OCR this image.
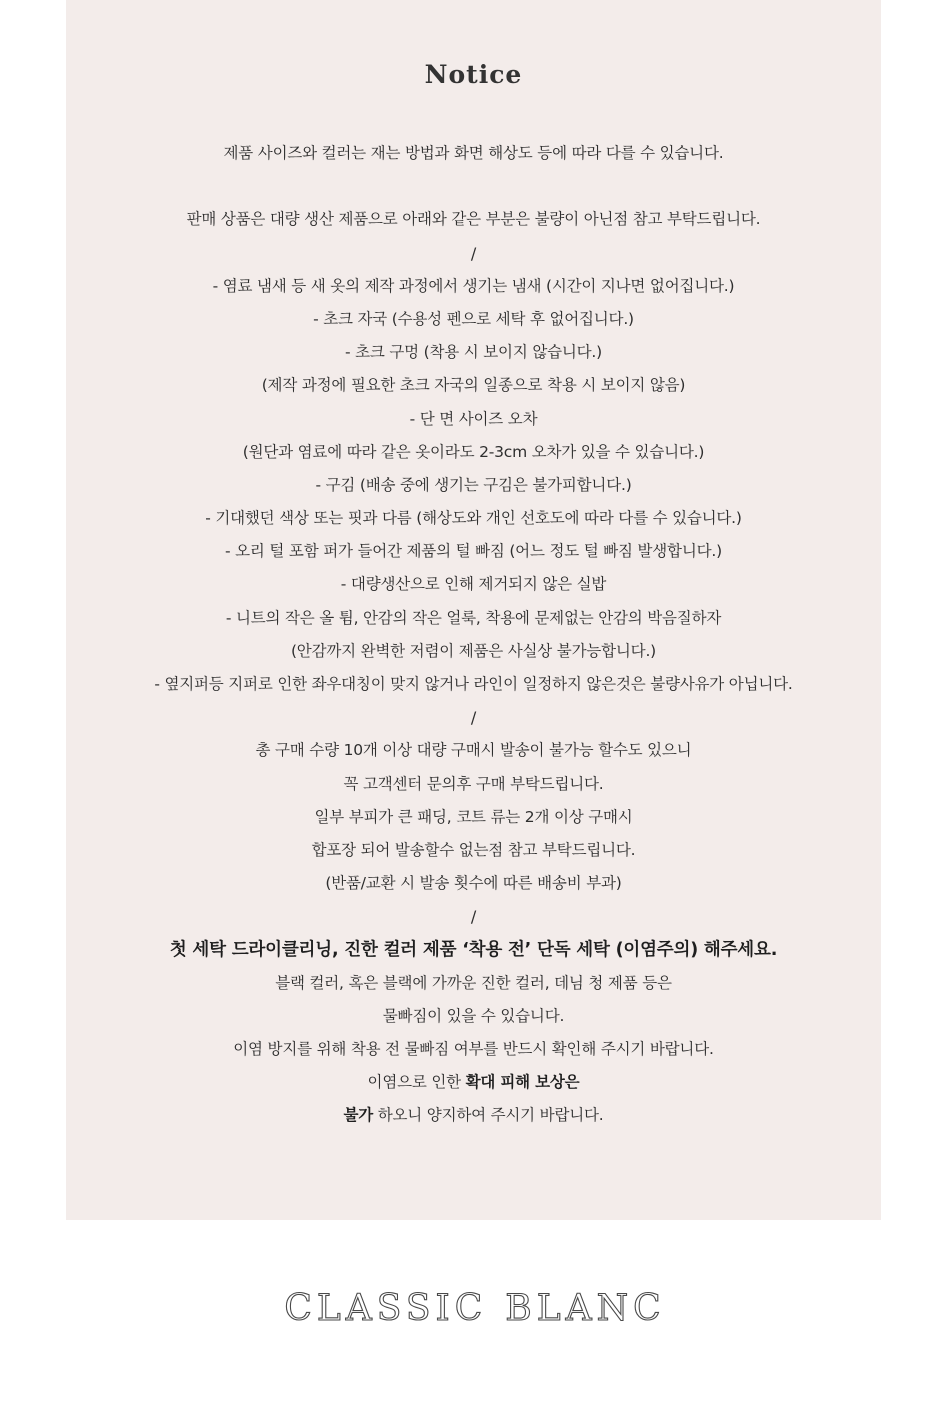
Notice
제품 사이즈와 컬러는 재는 방법과 화면 해상도 등에 따라 다를 수 있습니다.
판매 상품은 대량 생산 제품으로 아래와 같은 부분은 불량이 아닌점 참고 부탁드립니다.
/
- 염료 냄새 등 새 옷의 제작 과정에서 생기는 냄새 (시간이 지나면 없어집니다.)
- 초크 자국 (수용성 펜으로 세탁 후 없어집니다.)
- 초크 구멍 (착용 시 보이지 않습니다.)
(제작 과정에 필요한 초크 자국의 일종으로 착용 시 보이지 않음)
- 단 면 사이즈 오차
(원단과 염료에 따라 같은 옷이라도 2-3cm 오차가 있을 수 있습니다.)
- 구김 (배송 중에 생기는 구김은 불가피합니다.)
- 기대했던 색상 또는 핏과 다름 (해상도와 개인 선호도에 따라 다를 수 있습니다.)
- 오리 털 포함 퍼가 들어간 제품의 털 빠짐 (어느 정도 털 빠짐 발생합니다.)
- 대량생산으로 인해 제거되지 않은 실밥
- 니트의 작은 올 튐, 안감의 작은 얼룩, 착용에 문제없는 안감의 박음질하자
(안감까지 완벽한 저렴이 제품은 사실상 불가능합니다.)
- 옆지퍼등 지퍼로 인한 좌우대칭이 맞지 않거나 라인이 일정하지 않은것은 불량사유가 아닙니다.
/
총 구매 수량 10개 이상 대량 구매시 발송이 불가능 할수도 있으니
꼭 고객센터 문의후 구매 부탁드립니다.
일부 부피가 큰 패딩, 코트 류는 2개 이상 구매시
합포장 되어 발송할수 없는점 참고 부탁드립니다.
(반품/교환 시 발송 횟수에 따른 배송비 부과)
/
첫 세탁 드라이클리닝, 진한 컬러 제품 ‘착용 전’ 단독 세탁 (이염주의) 해주세요.
블랙 컬러, 혹은 블랙에 가까운 진한 컬러, 데님 청 제품 등은
물빠짐이 있을 수 있습니다.
이염 방지를 위해 착용 전 물빠짐 여부를 반드시 확인해 주시기 바랍니다.
이염으로 인한 확대 피해 보상은
불가 하오니 양지하여 주시기 바랍니다.
CLASSIC BLANC
